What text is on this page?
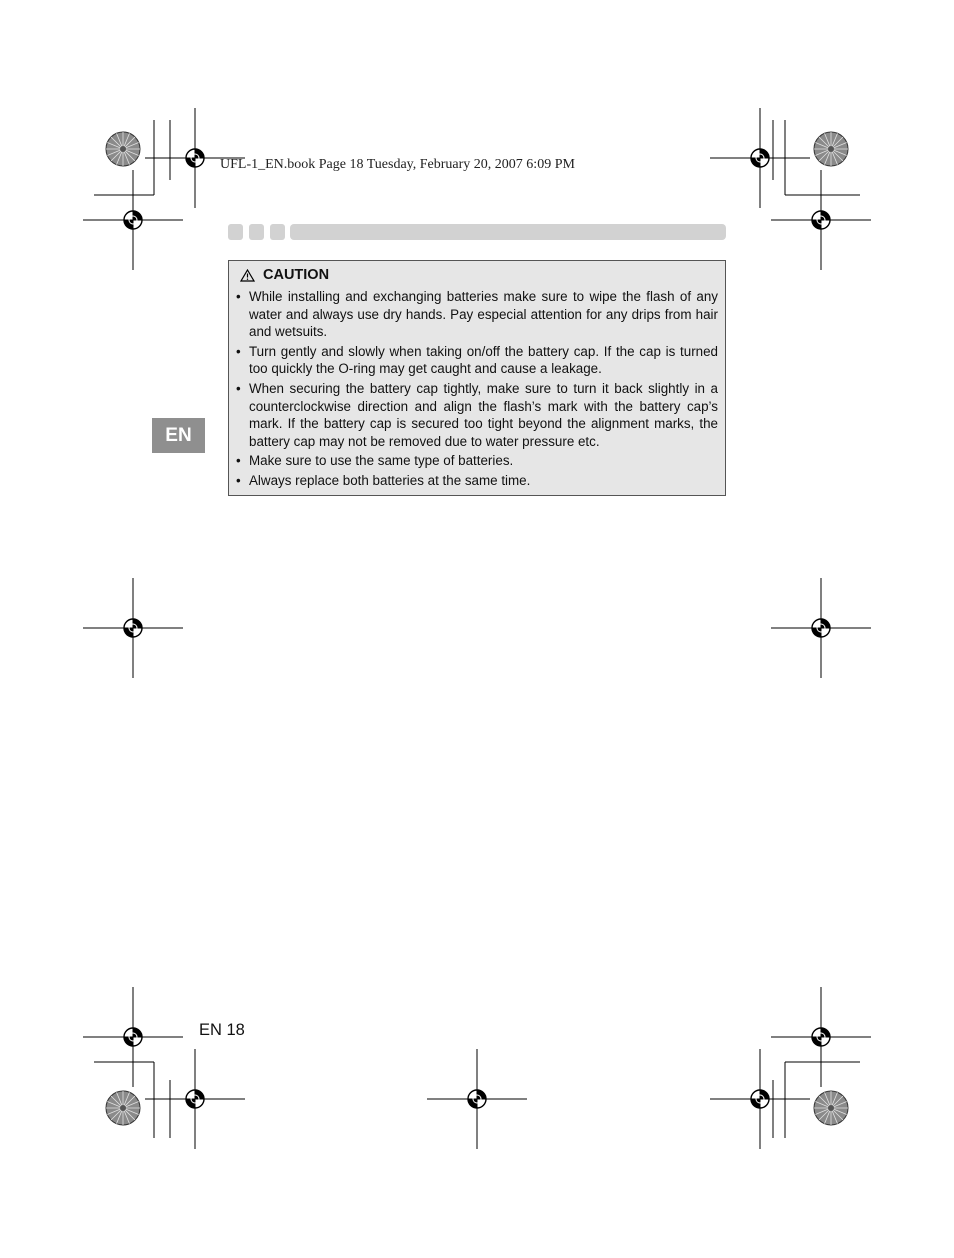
UFL-1_EN.book Page 18 Tuesday, February 20, 2007 6:09 PM
CAUTION
• While installing and exchanging batteries make sure to wipe the flash of any water and always use dry hands. Pay especial attention for any drips from hair and wetsuits.
• Turn gently and slowly when taking on/off the battery cap. If the cap is turned too quickly the O-ring may get caught and cause a leakage.
• When securing the battery cap tightly, make sure to turn it back slightly in a counterclockwise direction and align the flash’s mark with the battery cap’s mark. If the battery cap is secured too tight beyond the alignment marks, the battery cap may not be removed due to water pressure etc.
• Make sure to use the same type of batteries.
• Always replace both batteries at the same time.
EN
EN 18
